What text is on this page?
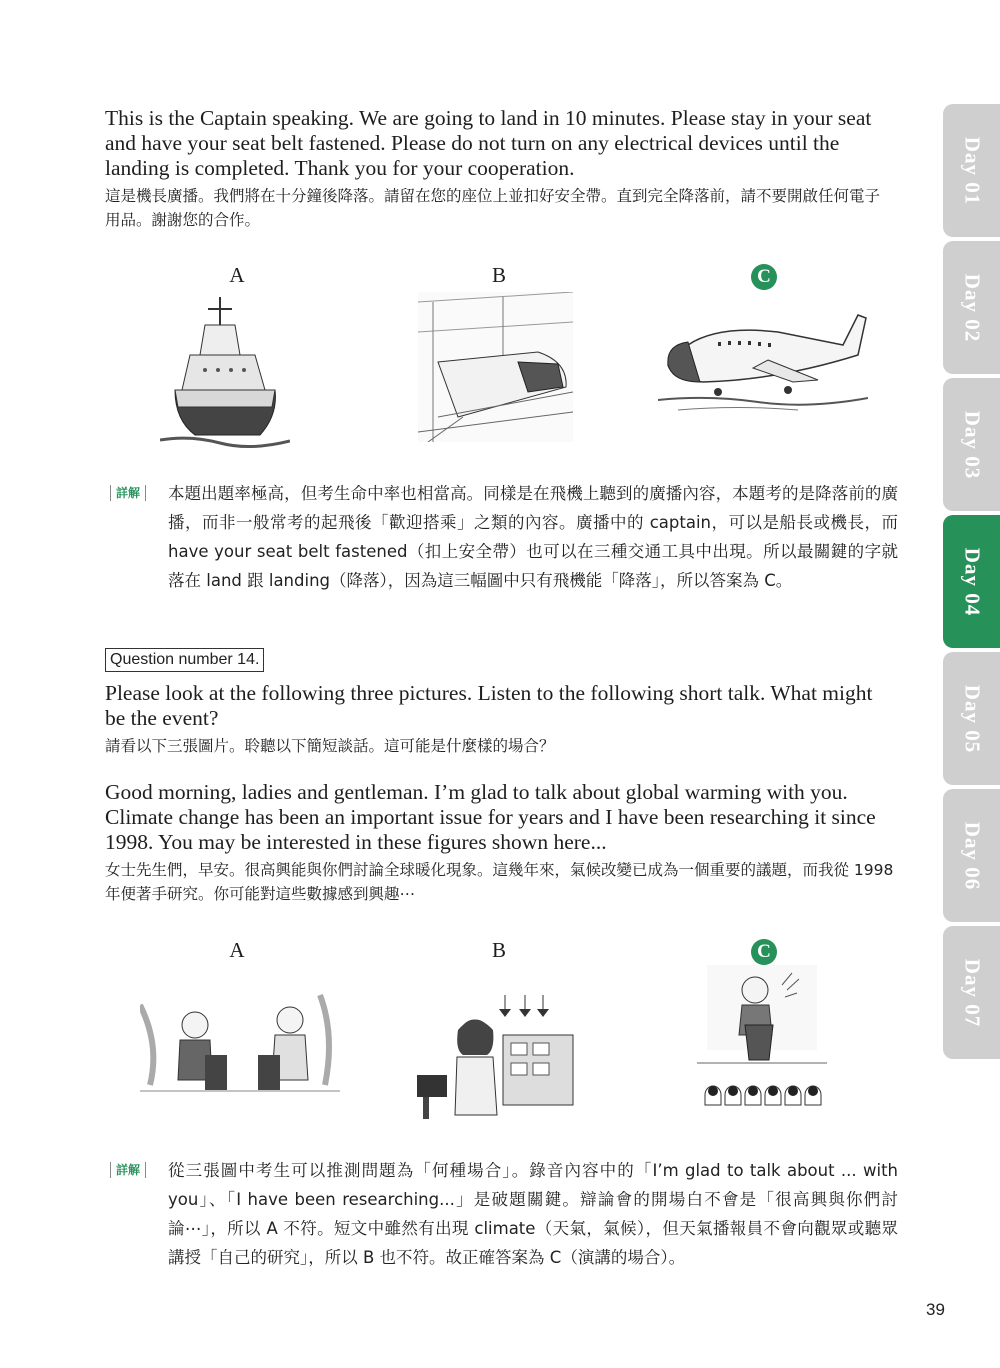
This is the Captain speaking. We are going to land in 10 minutes. Please stay in your seat and have your seat belt fastened. Please do not turn on any electrical devices until the landing is completed. Thank you for your cooperation.

這是機長廣播。我們將在十分鐘後降落。請留在您的座位上並扣好安全帶。直到完全降落前，請不要開啟任何電子用品。謝謝您的合作。

A	B	C
詳解	本題出題率極高，但考生命中率也相當高。同樣是在飛機上聽到的廣播內容，本題考的是降落前的廣播，而非一般常考的起飛後「歡迎搭乘」之類的內容。廣播中的 captain，可以是船長或機長，而 have your seat belt fastened（扣上安全帶）也可以在三種交通工具中出現。所以最關鍵的字就落在 land 跟 landing（降落），因為這三幅圖中只有飛機能「降落」，所以答案為 C。
Question number 14.

Please look at the following three pictures. Listen to the following short talk. What might be the event?

請看以下三張圖片。聆聽以下簡短談話。這可能是什麼樣的場合？

Good morning, ladies and gentleman. I’m glad to talk about global warming with you. Climate change has been an important issue for years and I have been researching it since 1998. You may be interested in these figures shown here...

女士先生們，早安。很高興能與你們討論全球暖化現象。這幾年來，氣候改變已成為一個重要的議題，而我從 1998 年便著手研究。你可能對這些數據感到興趣⋯

A	B	C
詳解	從三張圖中考生可以推測問題為「何種場合」。錄音內容中的「I’m glad to talk about ... with you」、「I have been researching...」是破題關鍵。辯論會的開場白不會是「很高興與你們討論⋯」，所以 A 不符。短文中雖然有出現 climate（天氣，氣候），但天氣播報員不會向觀眾或聽眾講授「自己的研究」，所以 B 也不符。故正確答案為 C（演講的場合）。
Day 01
Day 02
Day 03
Day 04
Day 05
Day 06
Day 07
39
